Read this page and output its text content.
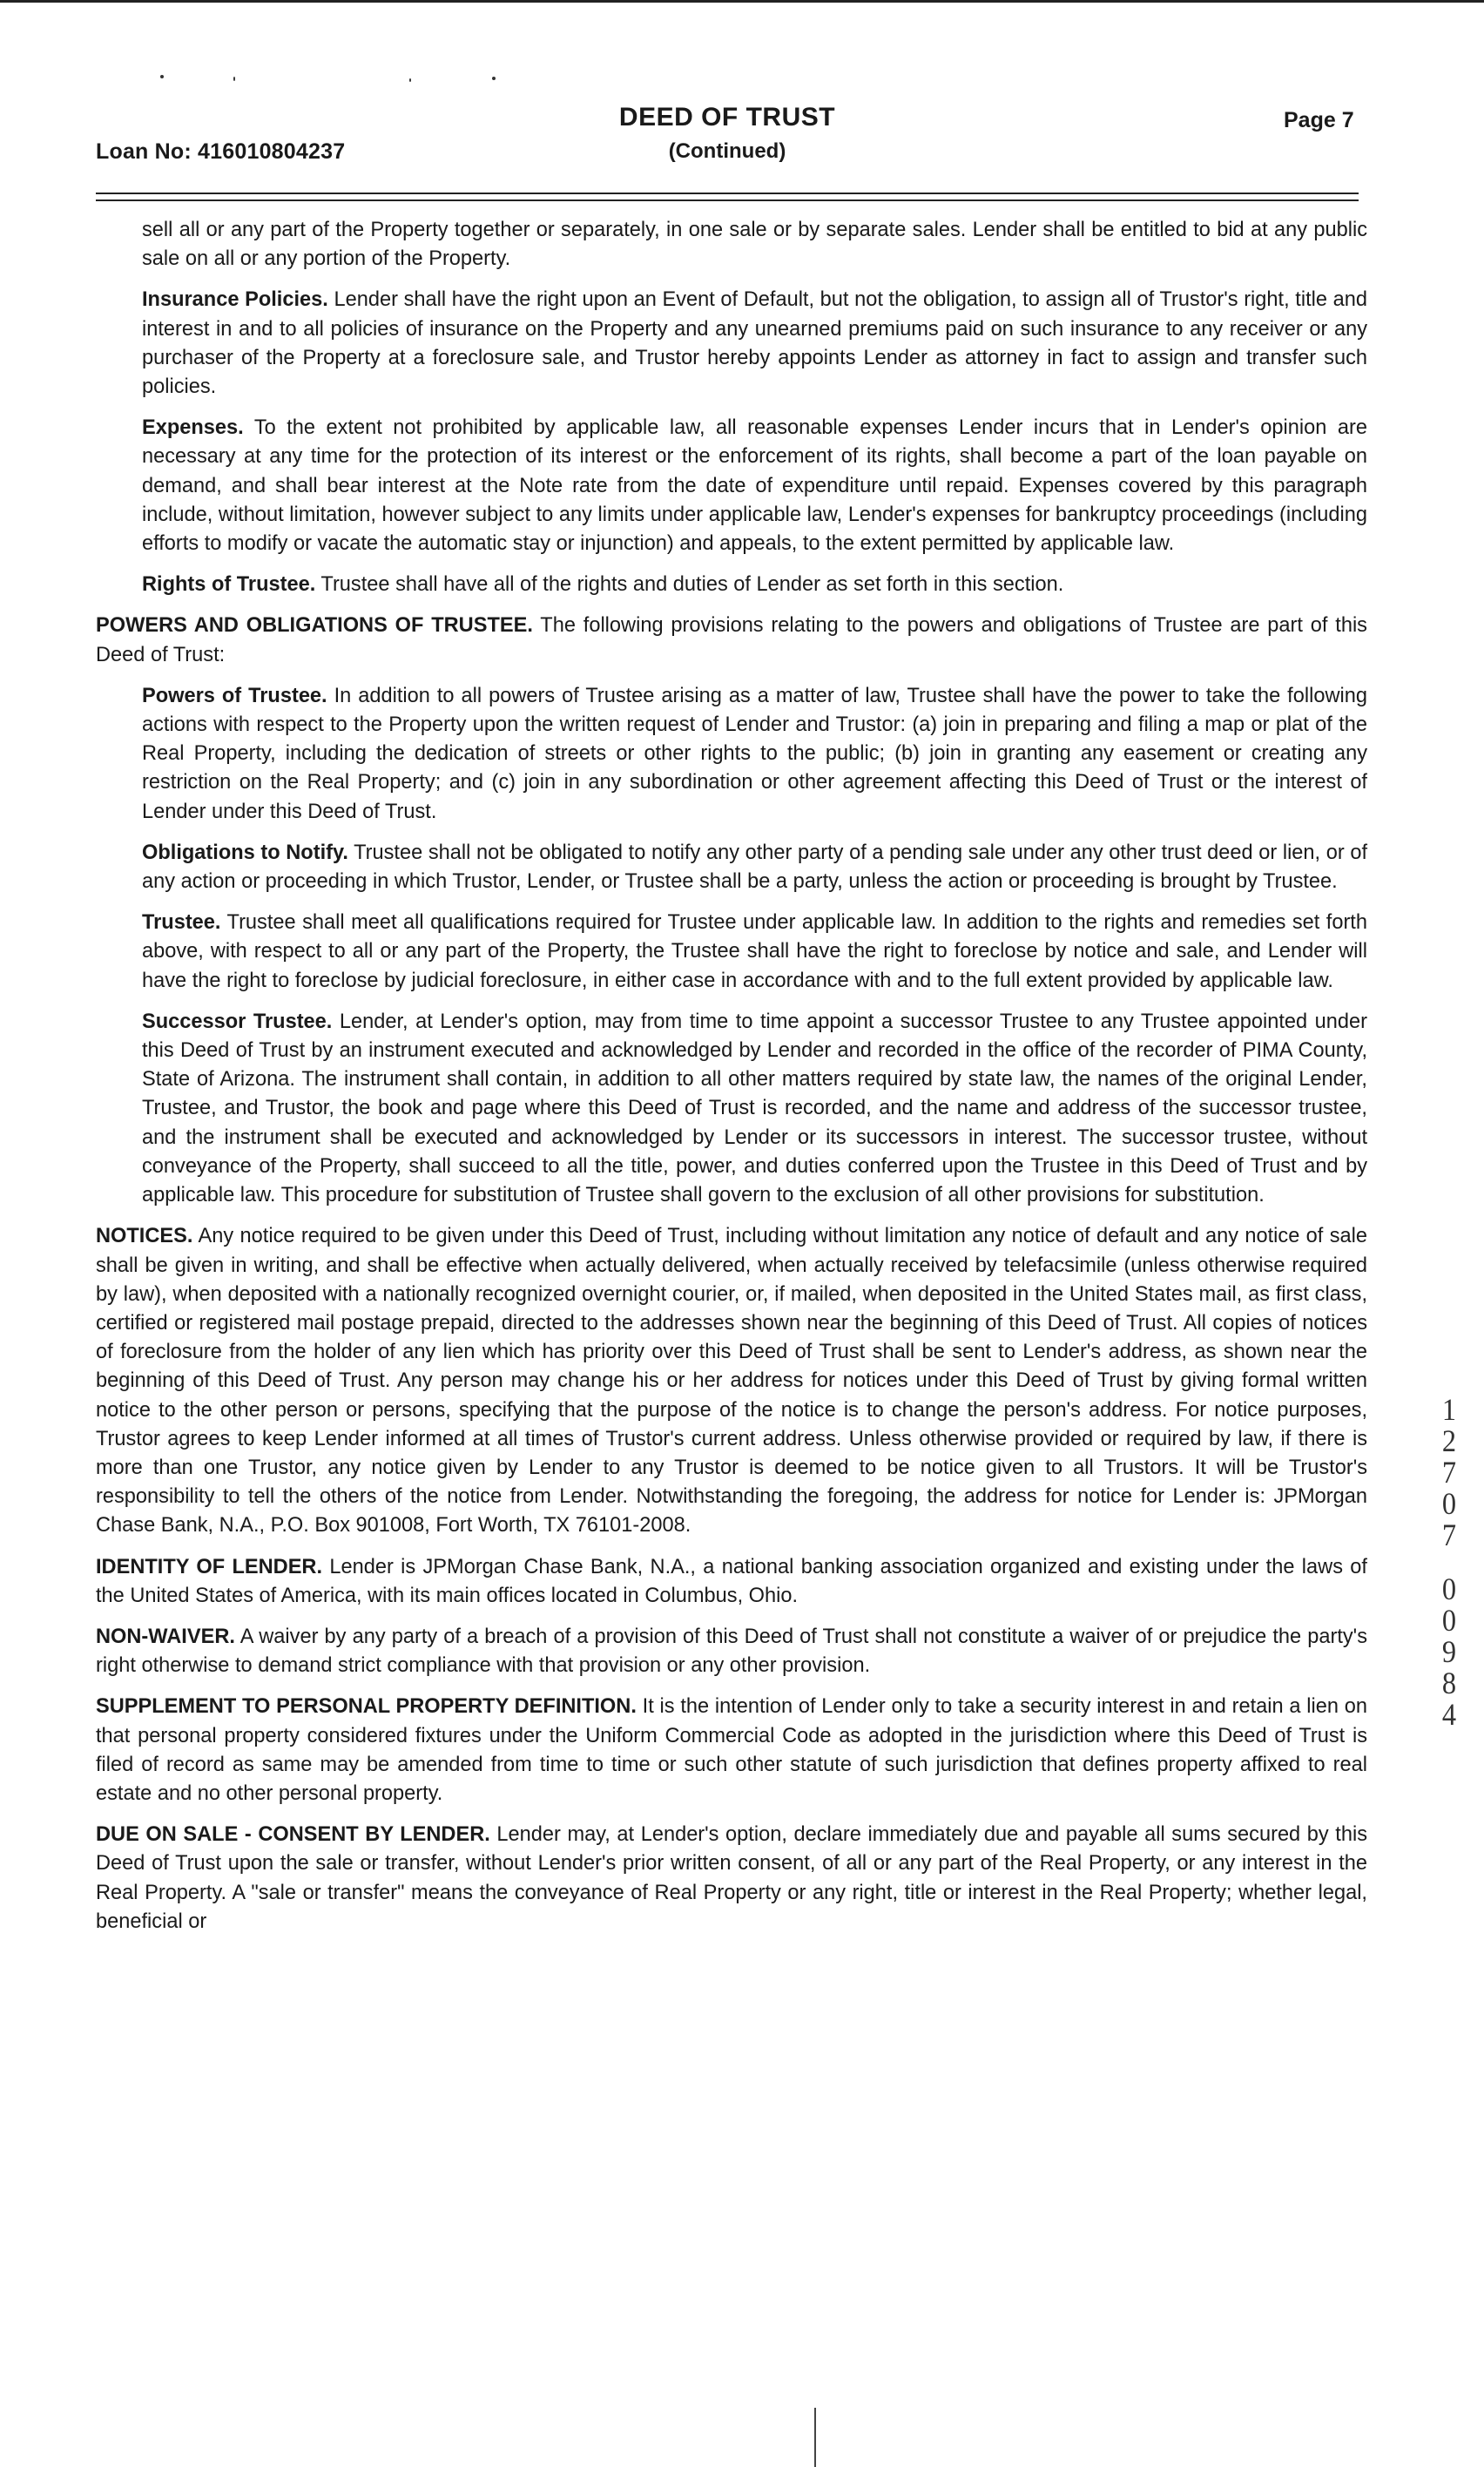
Loan No: 416010804237
DEED OF TRUST
(Continued)
Page 7

sell all or any part of the Property together or separately, in one sale or by separate sales. Lender shall be entitled to bid at any public sale on all or any portion of the Property.

Insurance Policies. Lender shall have the right upon an Event of Default, but not the obligation, to assign all of Trustor's right, title and interest in and to all policies of insurance on the Property and any unearned premiums paid on such insurance to any receiver or any purchaser of the Property at a foreclosure sale, and Trustor hereby appoints Lender as attorney in fact to assign and transfer such policies.

Expenses. To the extent not prohibited by applicable law, all reasonable expenses Lender incurs that in Lender's opinion are necessary at any time for the protection of its interest or the enforcement of its rights, shall become a part of the loan payable on demand, and shall bear interest at the Note rate from the date of expenditure until repaid. Expenses covered by this paragraph include, without limitation, however subject to any limits under applicable law, Lender's expenses for bankruptcy proceedings (including efforts to modify or vacate the automatic stay or injunction) and appeals, to the extent permitted by applicable law.

Rights of Trustee. Trustee shall have all of the rights and duties of Lender as set forth in this section.

POWERS AND OBLIGATIONS OF TRUSTEE. The following provisions relating to the powers and obligations of Trustee are part of this Deed of Trust:

Powers of Trustee. In addition to all powers of Trustee arising as a matter of law, Trustee shall have the power to take the following actions with respect to the Property upon the written request of Lender and Trustor: (a) join in preparing and filing a map or plat of the Real Property, including the dedication of streets or other rights to the public; (b) join in granting any easement or creating any restriction on the Real Property; and (c) join in any subordination or other agreement affecting this Deed of Trust or the interest of Lender under this Deed of Trust.

Obligations to Notify. Trustee shall not be obligated to notify any other party of a pending sale under any other trust deed or lien, or of any action or proceeding in which Trustor, Lender, or Trustee shall be a party, unless the action or proceeding is brought by Trustee.

Trustee. Trustee shall meet all qualifications required for Trustee under applicable law. In addition to the rights and remedies set forth above, with respect to all or any part of the Property, the Trustee shall have the right to foreclose by notice and sale, and Lender will have the right to foreclose by judicial foreclosure, in either case in accordance with and to the full extent provided by applicable law.

Successor Trustee. Lender, at Lender's option, may from time to time appoint a successor Trustee to any Trustee appointed under this Deed of Trust by an instrument executed and acknowledged by Lender and recorded in the office of the recorder of PIMA County, State of Arizona. The instrument shall contain, in addition to all other matters required by state law, the names of the original Lender, Trustee, and Trustor, the book and page where this Deed of Trust is recorded, and the name and address of the successor trustee, and the instrument shall be executed and acknowledged by Lender or its successors in interest. The successor trustee, without conveyance of the Property, shall succeed to all the title, power, and duties conferred upon the Trustee in this Deed of Trust and by applicable law. This procedure for substitution of Trustee shall govern to the exclusion of all other provisions for substitution.

NOTICES. Any notice required to be given under this Deed of Trust, including without limitation any notice of default and any notice of sale shall be given in writing, and shall be effective when actually delivered, when actually received by telefacsimile (unless otherwise required by law), when deposited with a nationally recognized overnight courier, or, if mailed, when deposited in the United States mail, as first class, certified or registered mail postage prepaid, directed to the addresses shown near the beginning of this Deed of Trust. All copies of notices of foreclosure from the holder of any lien which has priority over this Deed of Trust shall be sent to Lender's address, as shown near the beginning of this Deed of Trust. Any person may change his or her address for notices under this Deed of Trust by giving formal written notice to the other person or persons, specifying that the purpose of the notice is to change the person's address. For notice purposes, Trustor agrees to keep Lender informed at all times of Trustor's current address. Unless otherwise provided or required by law, if there is more than one Trustor, any notice given by Lender to any Trustor is deemed to be notice given to all Trustors. It will be Trustor's responsibility to tell the others of the notice from Lender. Notwithstanding the foregoing, the address for notice for Lender is: JPMorgan Chase Bank, N.A., P.O. Box 901008, Fort Worth, TX 76101-2008.

IDENTITY OF LENDER. Lender is JPMorgan Chase Bank, N.A., a national banking association organized and existing under the laws of the United States of America, with its main offices located in Columbus, Ohio.

NON-WAIVER. A waiver by any party of a breach of a provision of this Deed of Trust shall not constitute a waiver of or prejudice the party's right otherwise to demand strict compliance with that provision or any other provision.

SUPPLEMENT TO PERSONAL PROPERTY DEFINITION. It is the intention of Lender only to take a security interest in and retain a lien on that personal property considered fixtures under the Uniform Commercial Code as adopted in the jurisdiction where this Deed of Trust is filed of record as same may be amended from time to time or such other statute of such jurisdiction that defines property affixed to real estate and no other personal property.

DUE ON SALE - CONSENT BY LENDER. Lender may, at Lender's option, declare immediately due and payable all sums secured by this Deed of Trust upon the sale or transfer, without Lender's prior written consent, of all or any part of the Real Property, or any interest in the Real Property. A "sale or transfer" means the conveyance of Real Property or any right, title or interest in the Real Property; whether legal, beneficial or

1
2
7
0
7
0
0
9
8
4
